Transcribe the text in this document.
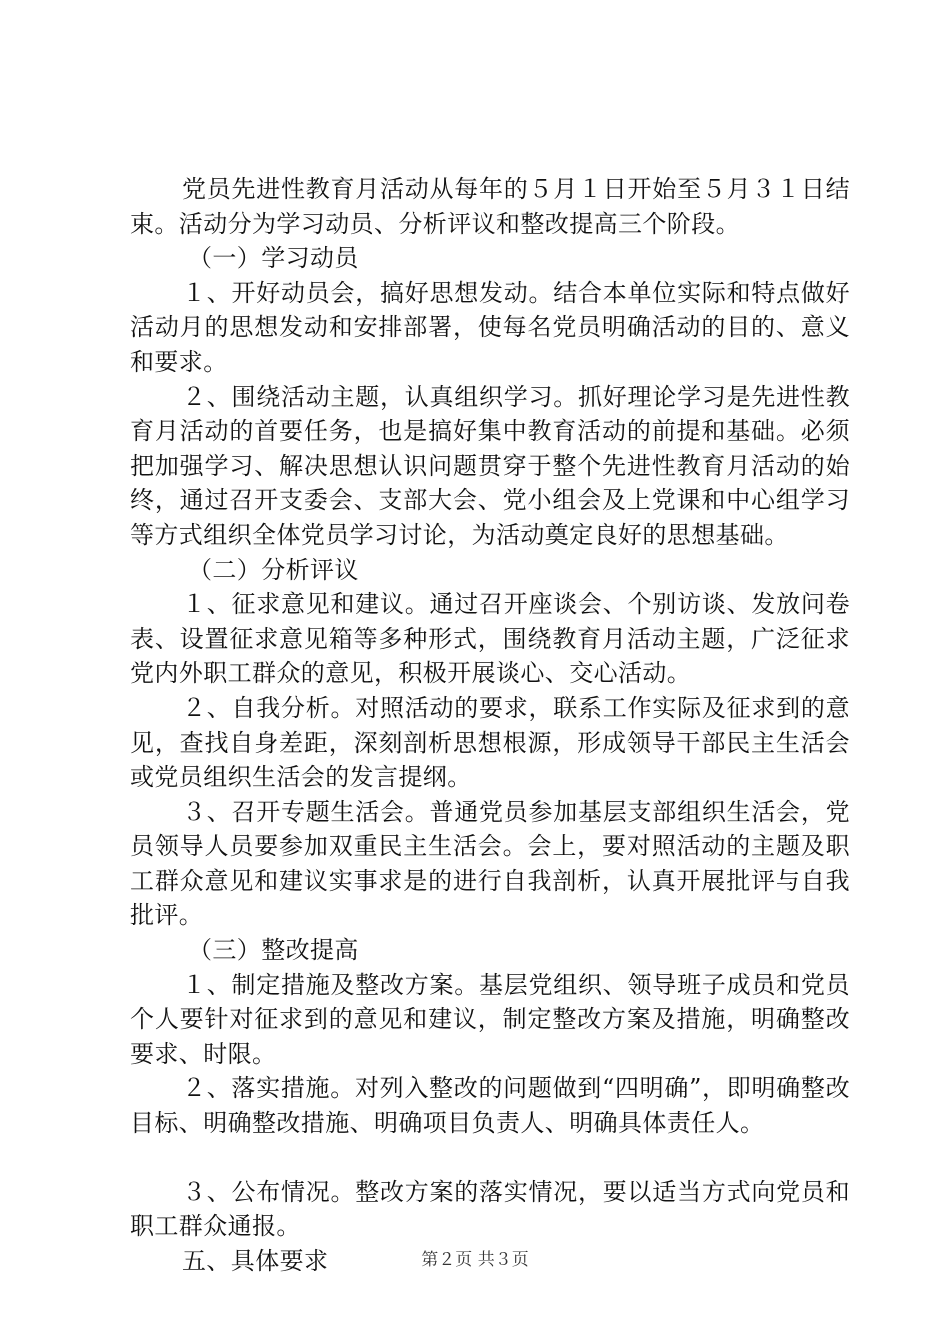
党员先进性教育月活动从每年的５月１日开始至５月３１日结束。活动分为学习动员、分析评议和整改提高三个阶段。

（一）学习动员

１、开好动员会，搞好思想发动。结合本单位实际和特点做好活动月的思想发动和安排部署，使每名党员明确活动的目的、意义和要求。

２、围绕活动主题，认真组织学习。抓好理论学习是先进性教育月活动的首要任务，也是搞好集中教育活动的前提和基础。必须把加强学习、解决思想认识问题贯穿于整个先进性教育月活动的始终，通过召开支委会、支部大会、党小组会及上党课和中心组学习等方式组织全体党员学习讨论，为活动奠定良好的思想基础。

（二）分析评议

１、征求意见和建议。通过召开座谈会、个别访谈、发放问卷表、设置征求意见箱等多种形式，围绕教育月活动主题，广泛征求党内外职工群众的意见，积极开展谈心、交心活动。

２、自我分析。对照活动的要求，联系工作实际及征求到的意见，查找自身差距，深刻剖析思想根源，形成领导干部民主生活会或党员组织生活会的发言提纲。

３、召开专题生活会。普通党员参加基层支部组织生活会，党员领导人员要参加双重民主生活会。会上，要对照活动的主题及职工群众意见和建议实事求是的进行自我剖析，认真开展批评与自我批评。

（三）整改提高

１、制定措施及整改方案。基层党组织、领导班子成员和党员个人要针对征求到的意见和建议，制定整改方案及措施，明确整改要求、时限。

２、落实措施。对列入整改的问题做到“四明确”，即明确整改目标、明确整改措施、明确项目负责人、明确具体责任人。

３、公布情况。整改方案的落实情况，要以适当方式向党员和职工群众通报。

五、具体要求	第２页 共３页
